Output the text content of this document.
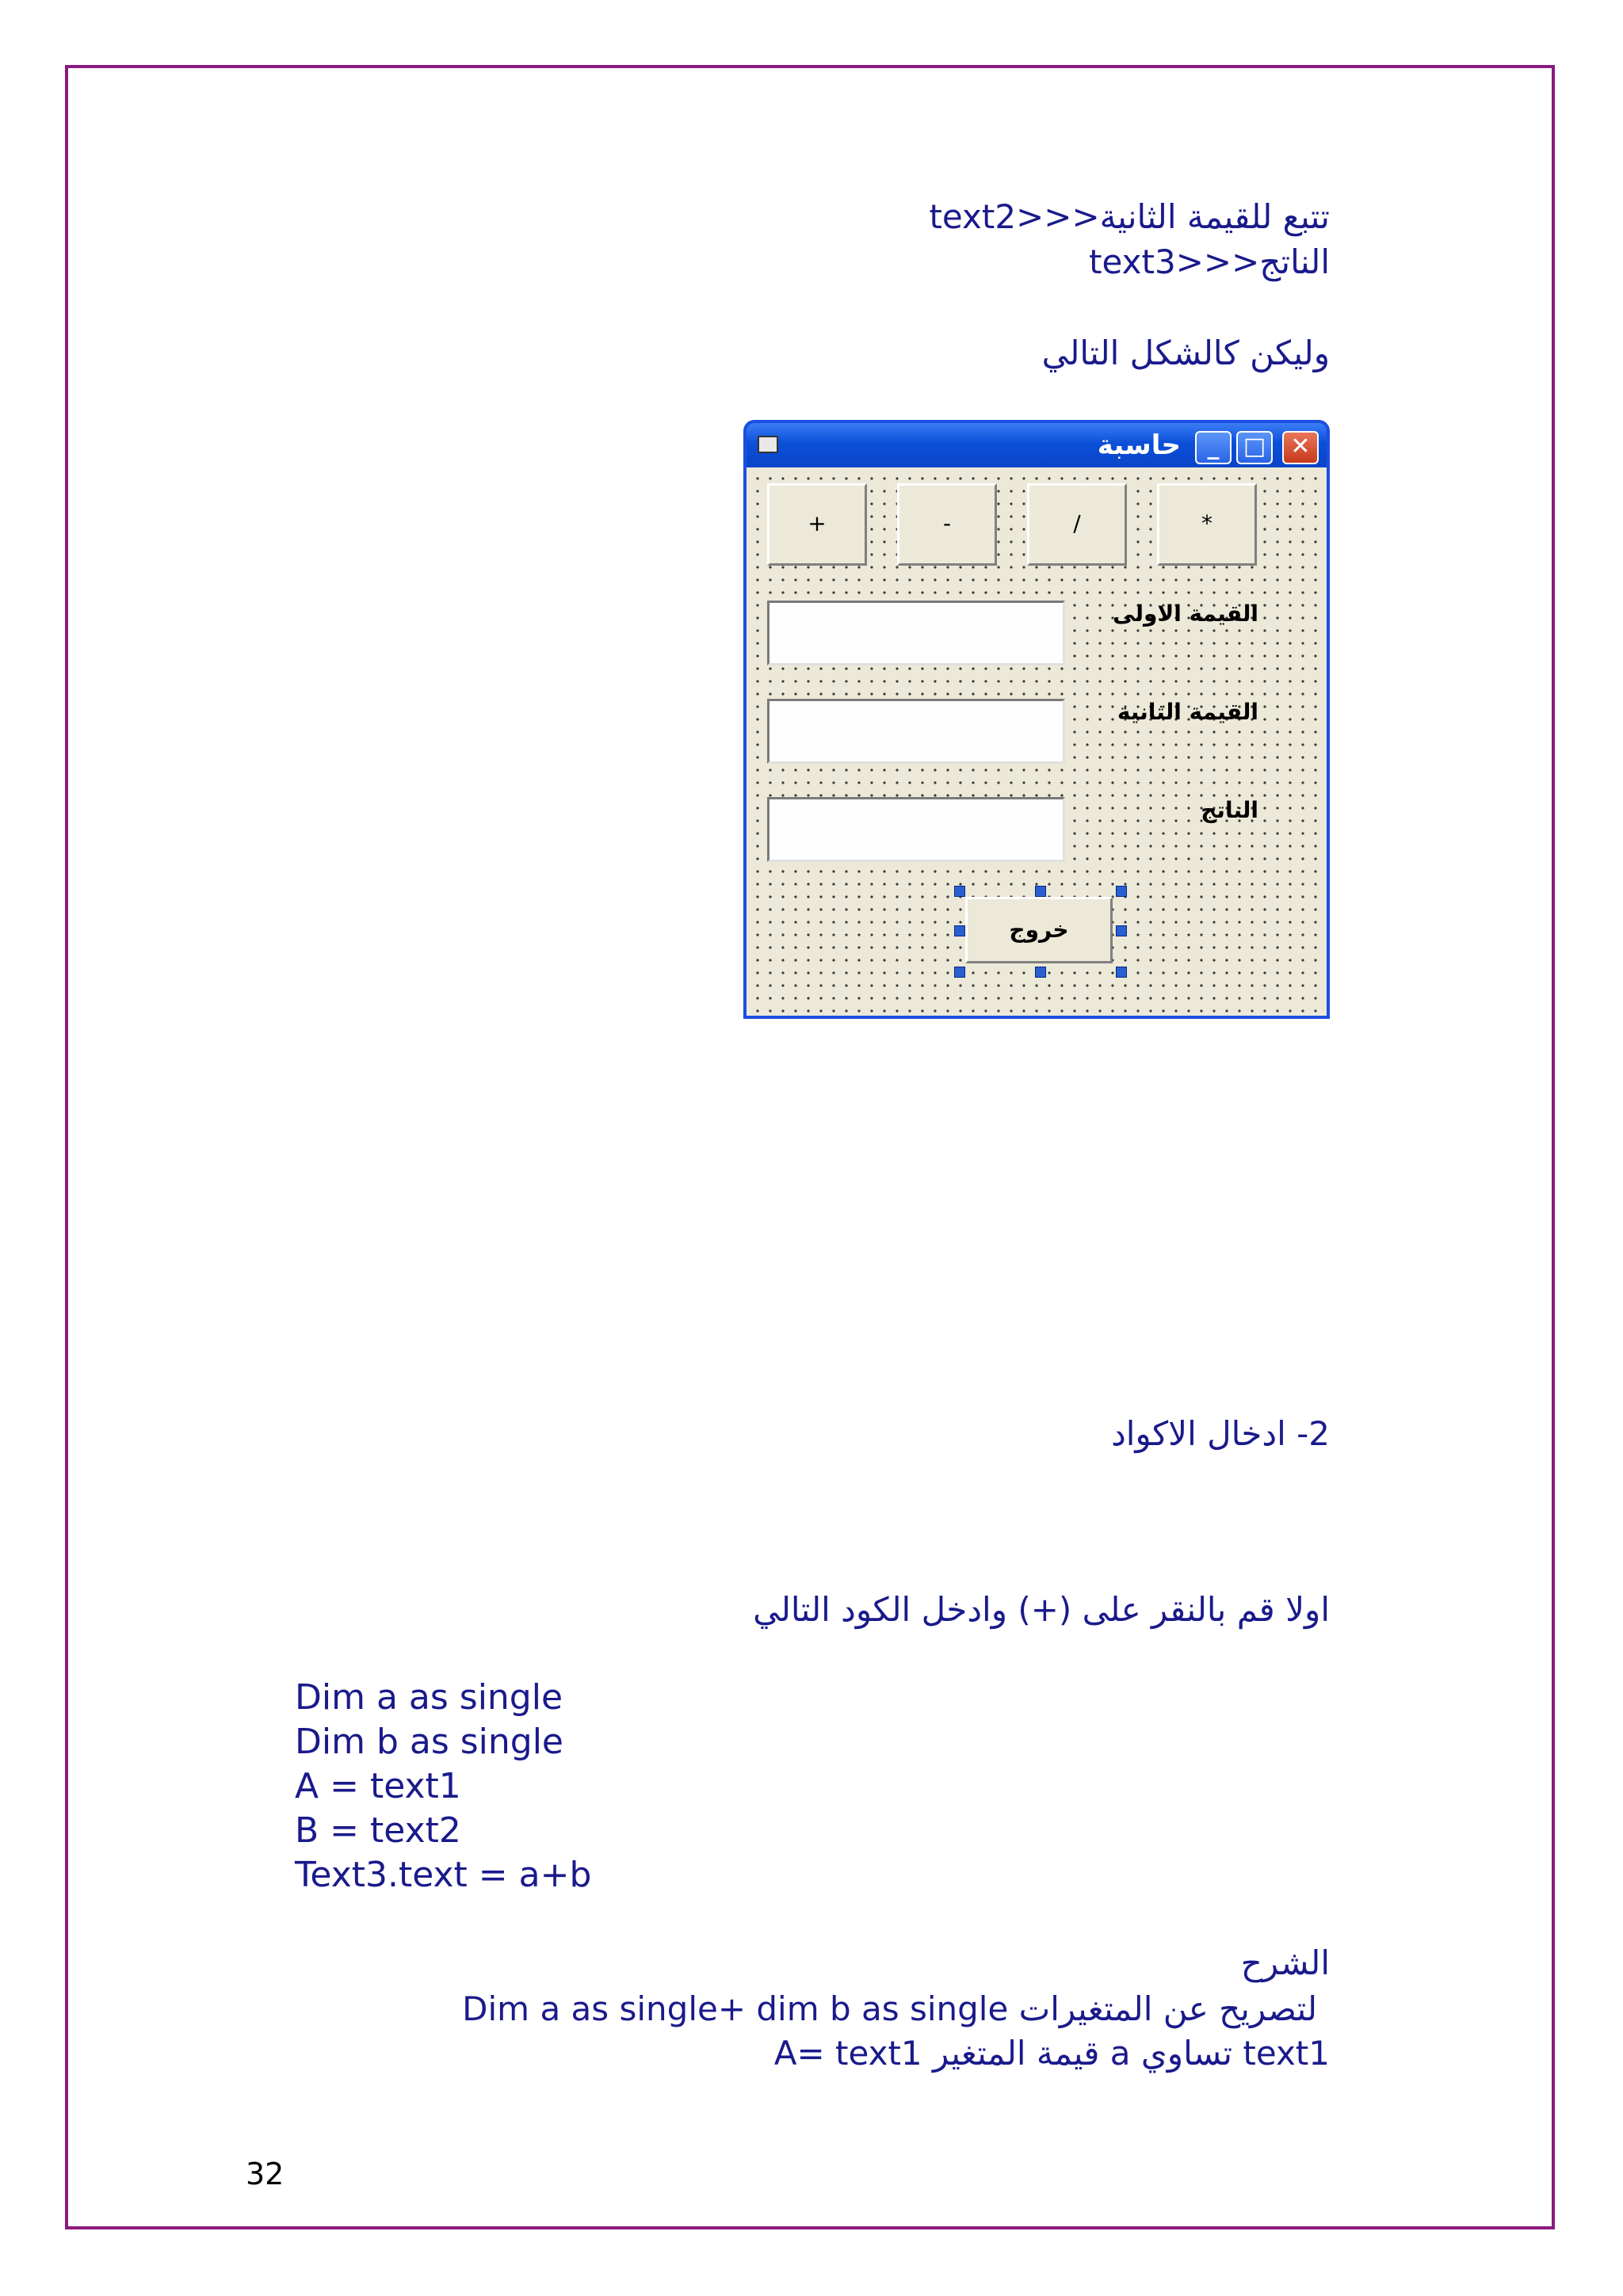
تتبع للقيمة الثانية<<<text2
الناتج<<<text3
وليكن كالشكل التالي
حاسبة	_	□	✕
+	-	/	*
القيمة الاولى
القيمة الثانية
الناتج
خروج
2- ادخال الاكواد
اولا قم بالنقر على (+) وادخل الكود التالي
Dim a as single
Dim b as single
A = text1
B = text2
Text3.text = a+b
الشرح
Dim a as single+ dim b as single لتصريح عن المتغيرات
A= text1 قيمة المتغير a تساوي text1
32
